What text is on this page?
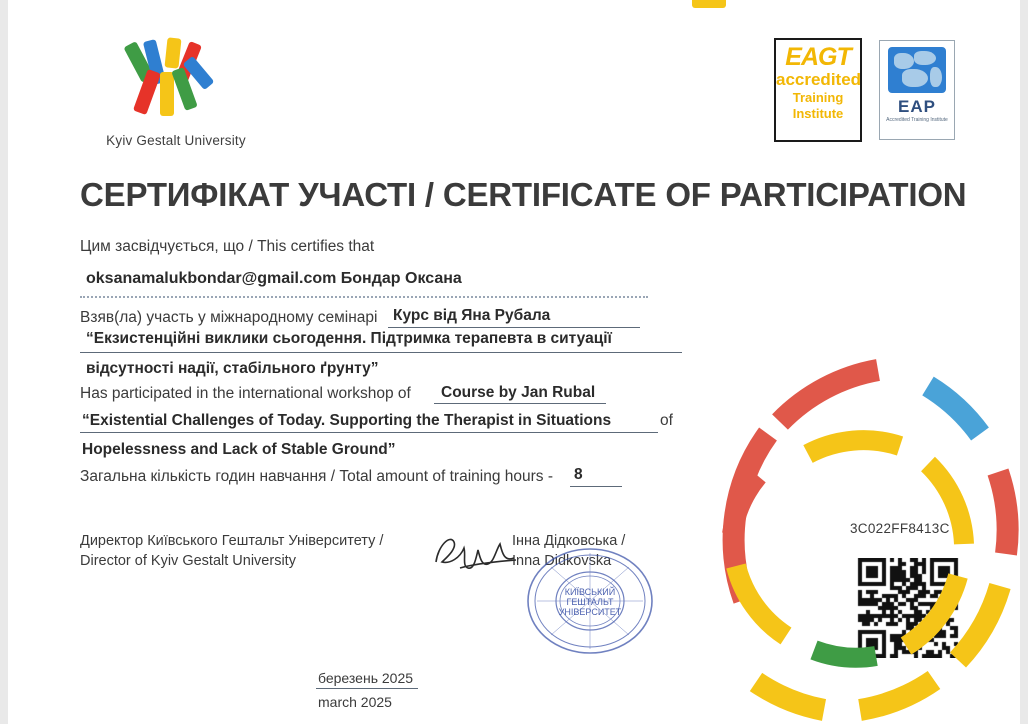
Kyiv Gestalt University
EAGT
accredited
Training Institute	EAP
Accredited Training Institute
СЕРТИФІКАТ УЧАСТІ / CERTIFICATE OF PARTICIPATION
Цим засвідчується, що / This certifies that
oksanamalukbondar@gmail.com Бондар Оксана
Взяв(ла) участь у міжнародному семінарі Курс від Яна Рубала
“Екзистенційні виклики сьогодення. Підтримка терапевта в ситуації
відсутності надії, стабільного ґрунту”
Has participated in the international workshop of Course by Jan Rubal
“Existential Challenges of Today. Supporting the Therapist in Situations	of
Hopelessness and Lack of Stable Ground”
Загальна кількість годин навчання / Total amount of training hours - 8
Директор Київського Гештальт Університету /
Director of Kyiv Gestalt University
Інна Дідковська /
Inna Didkovska
КИЇВСЬКИЙ
ГЕШТАЛЬТ
УНІВЕРСИТЕТ
березень 2025
march 2025
3C022FF8413C
